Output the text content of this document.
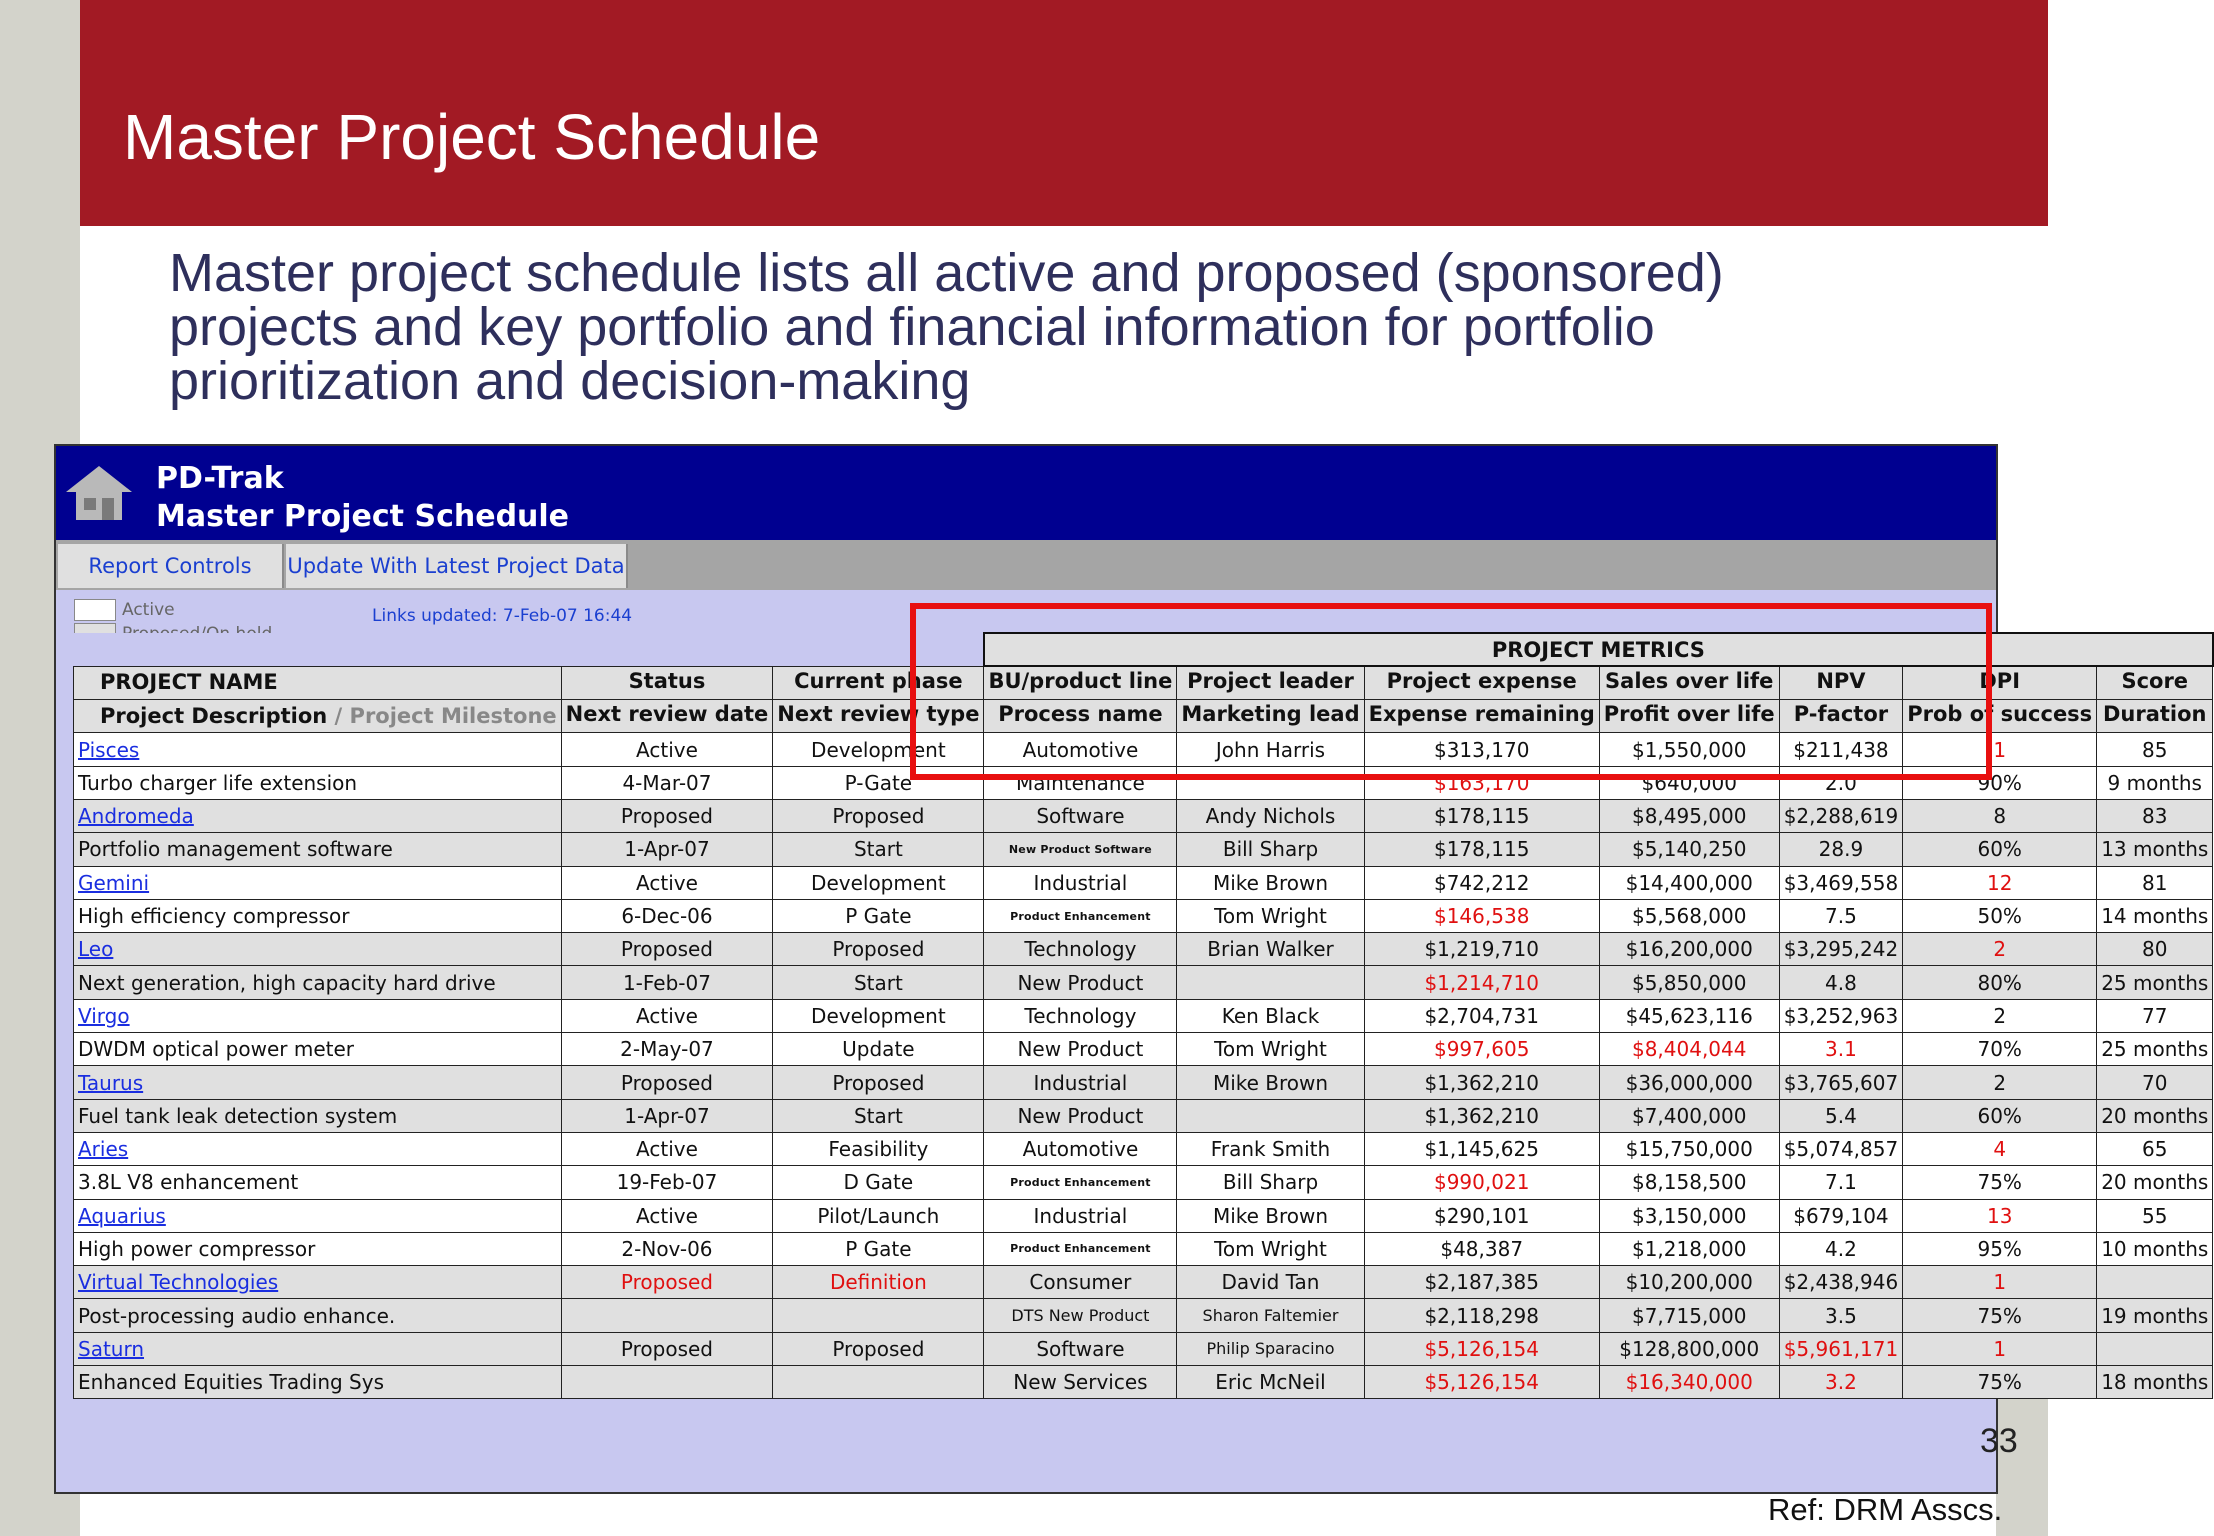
Master Project Schedule
Master project schedule lists all active and proposed (sponsored)
projects and key portfolio and financial information for portfolio
prioritization and decision-making
PD-Trak
Master Project Schedule
Report Controls	Update With Latest Project Data
Active	Links updated: 7-Feb-07 16:44
			PROJECT METRICS						
PROJECT NAME	Status	Current phase	BU/product line	Project leader	Project expense	Sales over life	NPV	DPI	Score
Project Description / Project Milestone	Next review date	Next review type	Process name	Marketing lead	Expense remaining	Profit over life	P-factor	Prob of success	Duration
Pisces	Active	Development	Automotive	John Harris	$313,170	$1,550,000	$211,438	1	85
Turbo charger life extension	4-Mar-07	P-Gate	Maintenance		$163,170	$640,000	2.0	90%	9 months
Andromeda	Proposed	Proposed	Software	Andy Nichols	$178,115	$8,495,000	$2,288,619	8	83
Portfolio management software	1-Apr-07	Start	New Product Software	Bill Sharp	$178,115	$5,140,250	28.9	60%	13 months
Gemini	Active	Development	Industrial	Mike Brown	$742,212	$14,400,000	$3,469,558	12	81
High efficiency compressor	6-Dec-06	P Gate	Product Enhancement	Tom Wright	$146,538	$5,568,000	7.5	50%	14 months
Leo	Proposed	Proposed	Technology	Brian Walker	$1,219,710	$16,200,000	$3,295,242	2	80
Next generation, high capacity hard drive	1-Feb-07	Start	New Product		$1,214,710	$5,850,000	4.8	80%	25 months
Virgo	Active	Development	Technology	Ken Black	$2,704,731	$45,623,116	$3,252,963	2	77
DWDM optical power meter	2-May-07	Update	New Product	Tom Wright	$997,605	$8,404,044	3.1	70%	25 months
Taurus	Proposed	Proposed	Industrial	Mike Brown	$1,362,210	$36,000,000	$3,765,607	2	70
Fuel tank leak detection system	1-Apr-07	Start	New Product		$1,362,210	$7,400,000	5.4	60%	20 months
Aries	Active	Feasibility	Automotive	Frank Smith	$1,145,625	$15,750,000	$5,074,857	4	65
3.8L V8 enhancement	19-Feb-07	D Gate	Product Enhancement	Bill Sharp	$990,021	$8,158,500	7.1	75%	20 months
Aquarius	Active	Pilot/Launch	Industrial	Mike Brown	$290,101	$3,150,000	$679,104	13	55
High power compressor	2-Nov-06	P Gate	Product Enhancement	Tom Wright	$48,387	$1,218,000	4.2	95%	10 months
Virtual Technologies	Proposed	Definition	Consumer	David Tan	$2,187,385	$10,200,000	$2,438,946	1	
Post-processing audio enhance.			DTS New Product	Sharon Faltemier	$2,118,298	$7,715,000	3.5	75%	19 months
Saturn	Proposed	Proposed	Software	Philip Sparacino	$5,126,154	$128,800,000	$5,961,171	1	
Enhanced Equities Trading Sys			New Services	Eric McNeil	$5,126,154	$16,340,000	3.2	75%	18 months
33
Ref: DRM Asscs.
